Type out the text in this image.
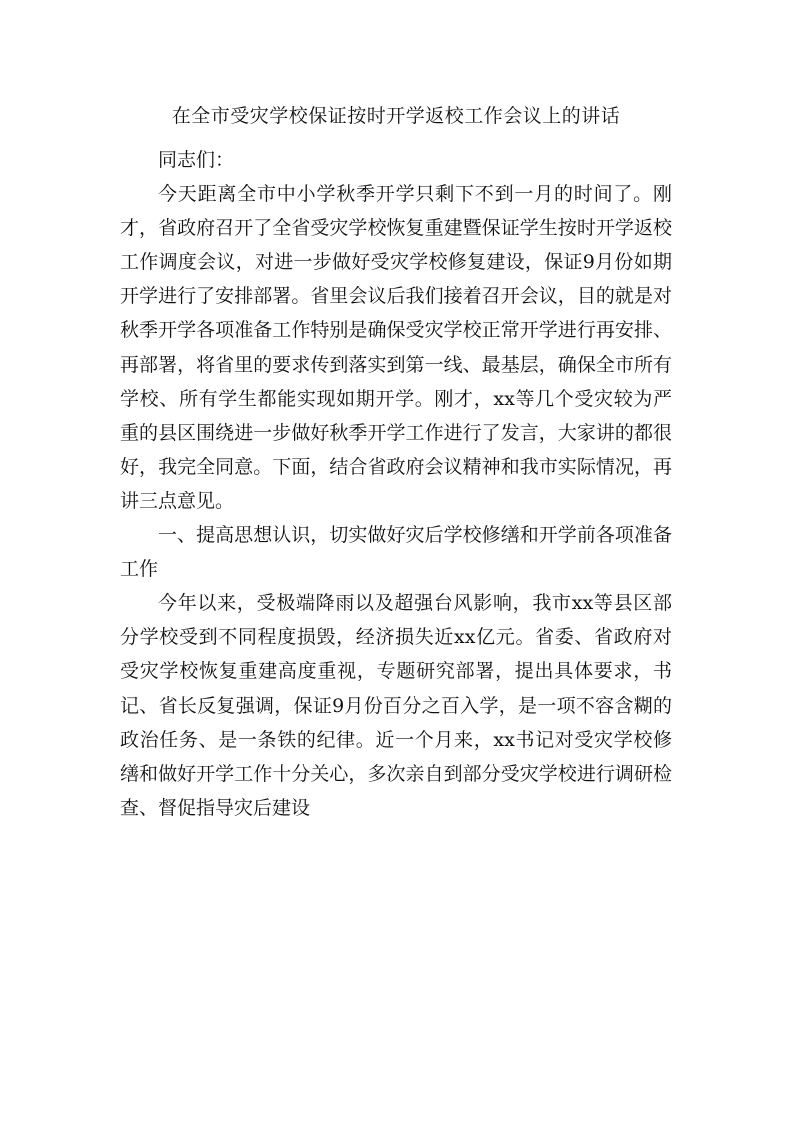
在全市受灾学校保证按时开学返校工作会议上的讲话

同志们：

今天距离全市中小学秋季开学只剩下不到一月的时间了。刚才，省政府召开了全省受灾学校恢复重建暨保证学生按时开学返校工作调度会议，对进一步做好受灾学校修复建设，保证9月份如期开学进行了安排部署。省里会议后我们接着召开会议，目的就是对秋季开学各项准备工作特别是确保受灾学校正常开学进行再安排、再部署，将省里的要求传到落实到第一线、最基层，确保全市所有学校、所有学生都能实现如期开学。刚才，xx等几个受灾较为严重的县区围绕进一步做好秋季开学工作进行了发言，大家讲的都很好，我完全同意。下面，结合省政府会议精神和我市实际情况，再讲三点意见。

一、提高思想认识，切实做好灾后学校修缮和开学前各项准备工作

今年以来，受极端降雨以及超强台风影响，我市xx等县区部分学校受到不同程度损毁，经济损失近xx亿元。省委、省政府对受灾学校恢复重建高度重视，专题研究部署，提出具体要求，书记、省长反复强调，保证9月份百分之百入学，是一项不容含糊的政治任务、是一条铁的纪律。近一个月来，xx书记对受灾学校修缮和做好开学工作十分关心，多次亲自到部分受灾学校进行调研检查、督促指导灾后建设
